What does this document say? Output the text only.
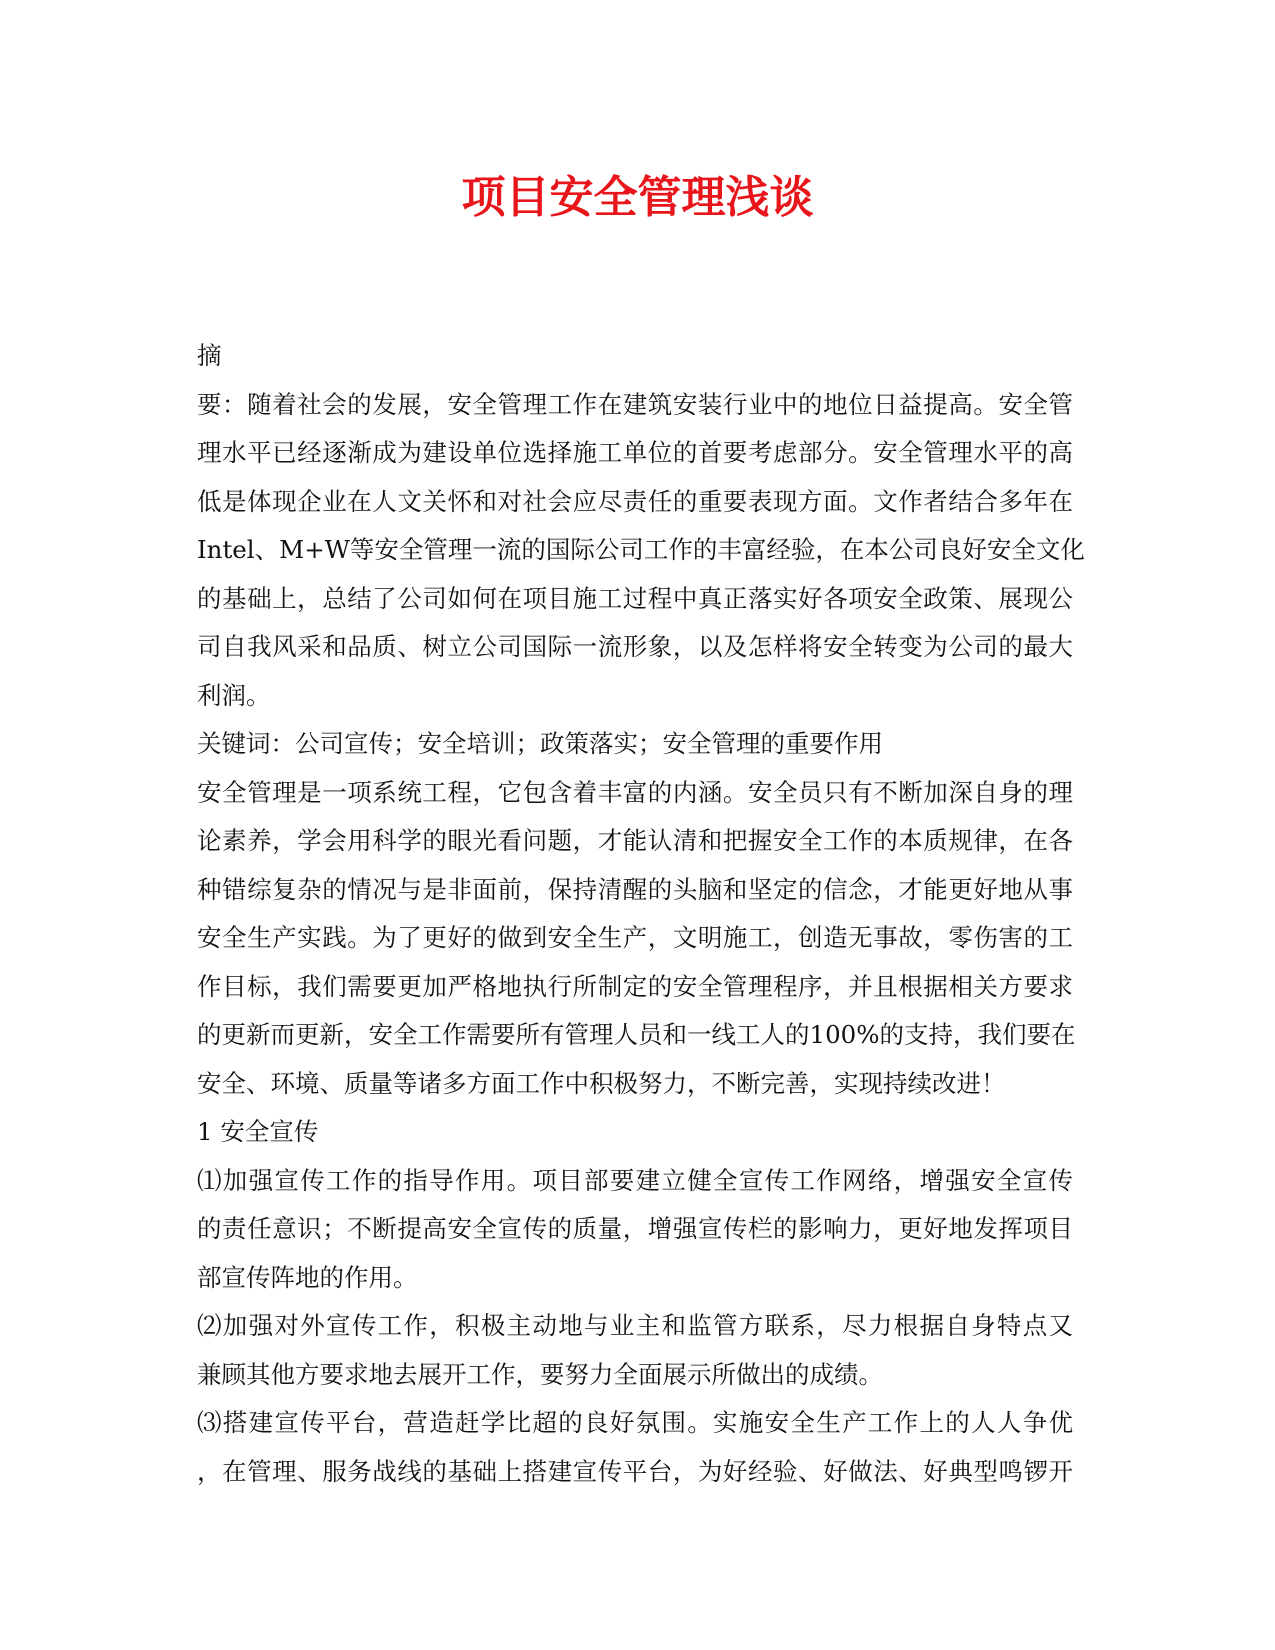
项目安全管理浅谈

摘

要：随着社会的发展，安全管理工作在建筑安装行业中的地位日益提高。安全管

理水平已经逐渐成为建设单位选择施工单位的首要考虑部分。安全管理水平的高

低是体现企业在人文关怀和对社会应尽责任的重要表现方面。文作者结合多年在

Intel、M+W等安全管理一流的国际公司工作的丰富经验，在本公司良好安全文化

的基础上，总结了公司如何在项目施工过程中真正落实好各项安全政策、展现公

司自我风采和品质、树立公司国际一流形象，以及怎样将安全转变为公司的最大

利润。

关键词：公司宣传；安全培训；政策落实；安全管理的重要作用

安全管理是一项系统工程，它包含着丰富的内涵。安全员只有不断加深自身的理

论素养，学会用科学的眼光看问题，才能认清和把握安全工作的本质规律，在各

种错综复杂的情况与是非面前，保持清醒的头脑和坚定的信念，才能更好地从事

安全生产实践。为了更好的做到安全生产，文明施工，创造无事故，零伤害的工

作目标，我们需要更加严格地执行所制定的安全管理程序，并且根据相关方要求

的更新而更新，安全工作需要所有管理人员和一线工人的100%的支持，我们要在

安全、环境、质量等诸多方面工作中积极努力，不断完善，实现持续改进！

1 安全宣传

⑴加强宣传工作的指导作用。项目部要建立健全宣传工作网络，增强安全宣传

的责任意识；不断提高安全宣传的质量，增强宣传栏的影响力，更好地发挥项目

部宣传阵地的作用。

⑵加强对外宣传工作，积极主动地与业主和监管方联系，尽力根据自身特点又

兼顾其他方要求地去展开工作，要努力全面展示所做出的成绩。

⑶搭建宣传平台，营造赶学比超的良好氛围。实施安全生产工作上的人人争优

，在管理、服务战线的基础上搭建宣传平台，为好经验、好做法、好典型鸣锣开
